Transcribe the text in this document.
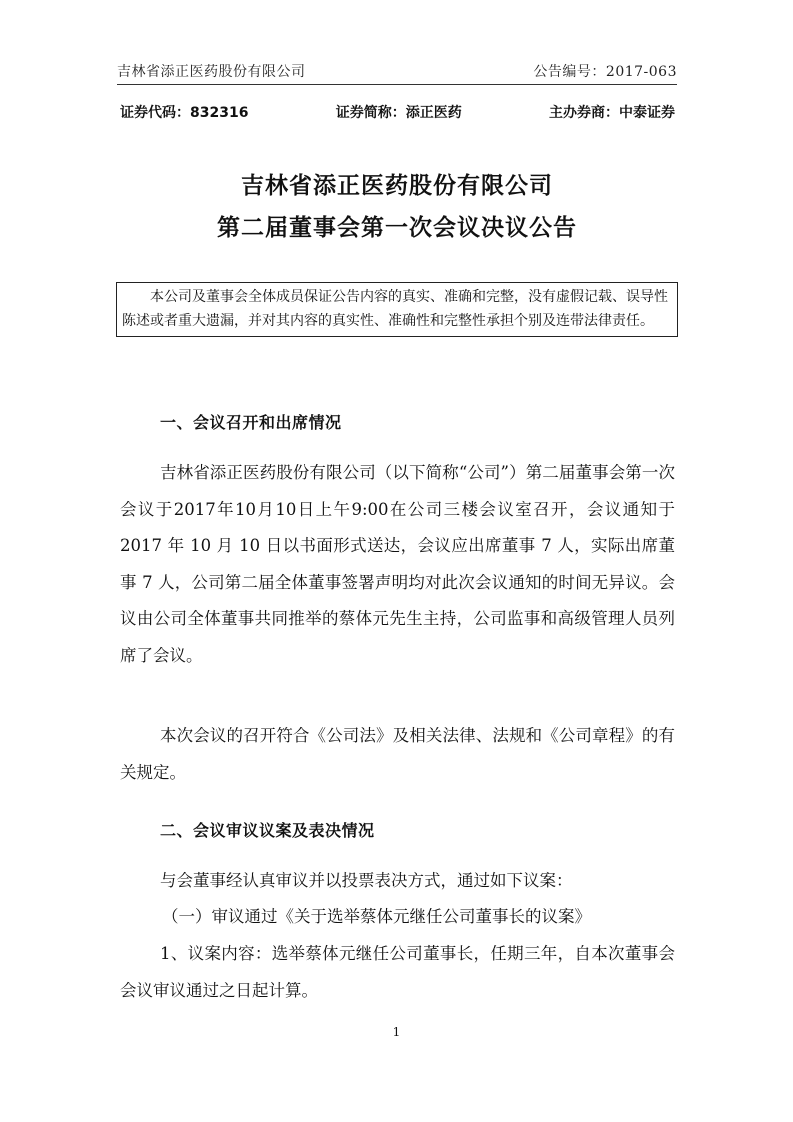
吉林省添正医药股份有限公司	公告编号：2017-063
证券代码：832316	证券简称：添正医药	主办券商：中泰证券
吉林省添正医药股份有限公司
第二届董事会第一次会议决议公告
本公司及董事会全体成员保证公告内容的真实、准确和完整，没有虚假记载、误导性陈述或者重大遗漏，并对其内容的真实性、准确性和完整性承担个别及连带法律责任。
一、会议召开和出席情况
吉林省添正医药股份有限公司（以下简称“公司”）第二届董事会第一次会议于2017年10月10日上午9:00在公司三楼会议室召开，会议通知于 2017 年 10 月 10 日以书面形式送达，会议应出席董事 7 人，实际出席董事 7 人，公司第二届全体董事签署声明均对此次会议通知的时间无异议。会议由公司全体董事共同推举的蔡体元先生主持，公司监事和高级管理人员列席了会议。
本次会议的召开符合《公司法》及相关法律、法规和《公司章程》的有关规定。
二、会议审议议案及表决情况
与会董事经认真审议并以投票表决方式，通过如下议案：
（一）审议通过《关于选举蔡体元继任公司董事长的议案》
1、议案内容：选举蔡体元继任公司董事长，任期三年，自本次董事会会议审议通过之日起计算。
1
